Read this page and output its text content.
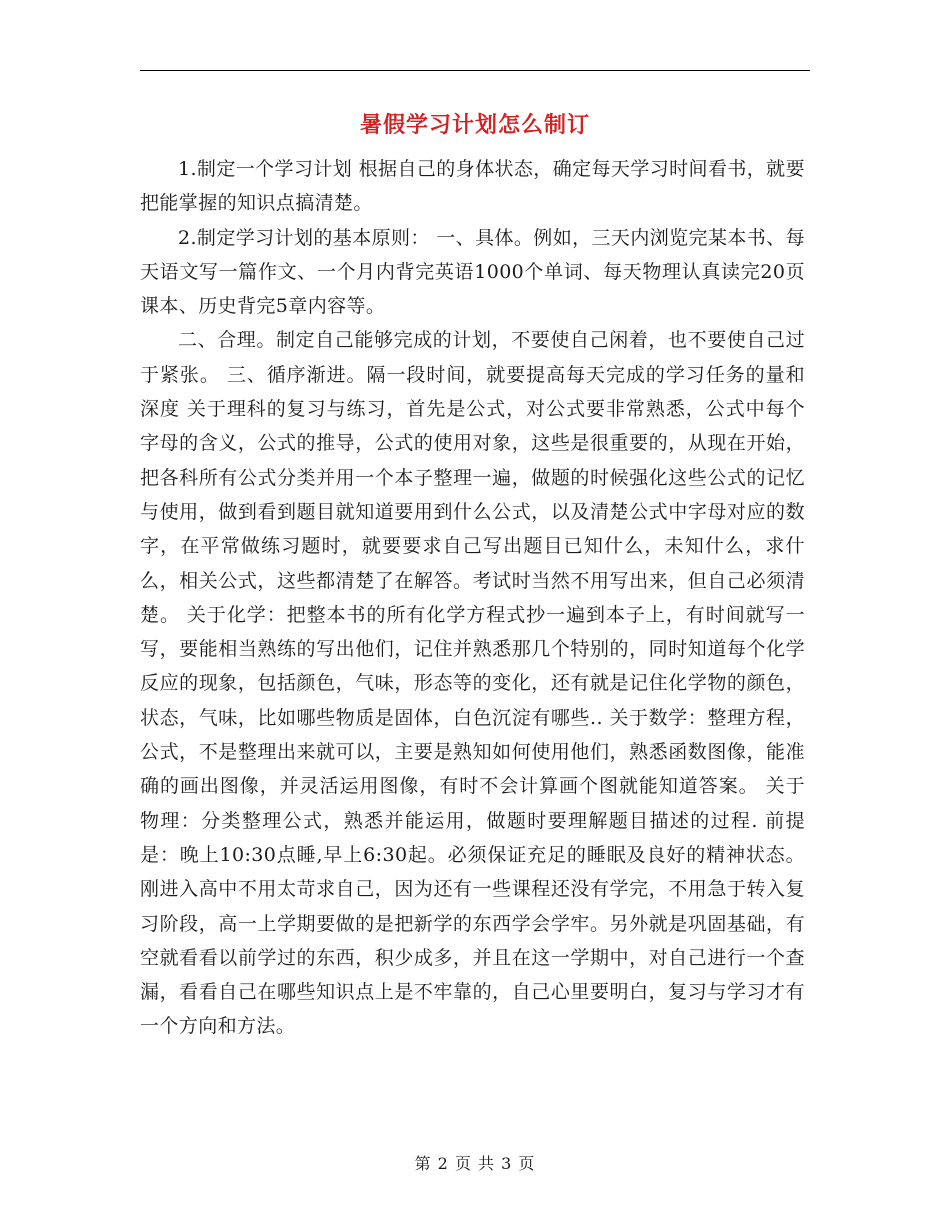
暑假学习计划怎么制订

1.制定一个学习计划 根据自己的身体状态，确定每天学习时间看书，就要把能掌握的知识点搞清楚。

2.制定学习计划的基本原则： 一、具体。例如，三天内浏览完某本书、每天语文写一篇作文、一个月内背完英语1000个单词、每天物理认真读完20页课本、历史背完5章内容等。

二、合理。制定自己能够完成的计划，不要使自己闲着，也不要使自己过于紧张。 三、循序渐进。隔一段时间，就要提高每天完成的学习任务的量和深度 关于理科的复习与练习，首先是公式，对公式要非常熟悉，公式中每个字母的含义，公式的推导，公式的使用对象，这些是很重要的，从现在开始，把各科所有公式分类并用一个本子整理一遍，做题的时候强化这些公式的记忆与使用，做到看到题目就知道要用到什么公式，以及清楚公式中字母对应的数字，在平常做练习题时，就要要求自己写出题目已知什么，未知什么，求什么，相关公式，这些都清楚了在解答。考试时当然不用写出来，但自己必须清楚。 关于化学：把整本书的所有化学方程式抄一遍到本子上，有时间就写一写，要能相当熟练的写出他们，记住并熟悉那几个特别的，同时知道每个化学反应的现象，包括颜色，气味，形态等的变化，还有就是记住化学物的颜色，状态，气味，比如哪些物质是固体，白色沉淀有哪些.. 关于数学：整理方程，公式，不是整理出来就可以，主要是熟知如何使用他们，熟悉函数图像，能准确的画出图像，并灵活运用图像，有时不会计算画个图就能知道答案。 关于物理：分类整理公式，熟悉并能运用，做题时要理解题目描述的过程. 前提是：晚上10:30点睡,早上6:30起。必须保证充足的睡眠及良好的精神状态。刚进入高中不用太苛求自己，因为还有一些课程还没有学完，不用急于转入复习阶段，高一上学期要做的是把新学的东西学会学牢。另外就是巩固基础，有空就看看以前学过的东西，积少成多，并且在这一学期中，对自己进行一个查漏，看看自己在哪些知识点上是不牢靠的，自己心里要明白，复习与学习才有一个方向和方法。

第 2 页 共 3 页
